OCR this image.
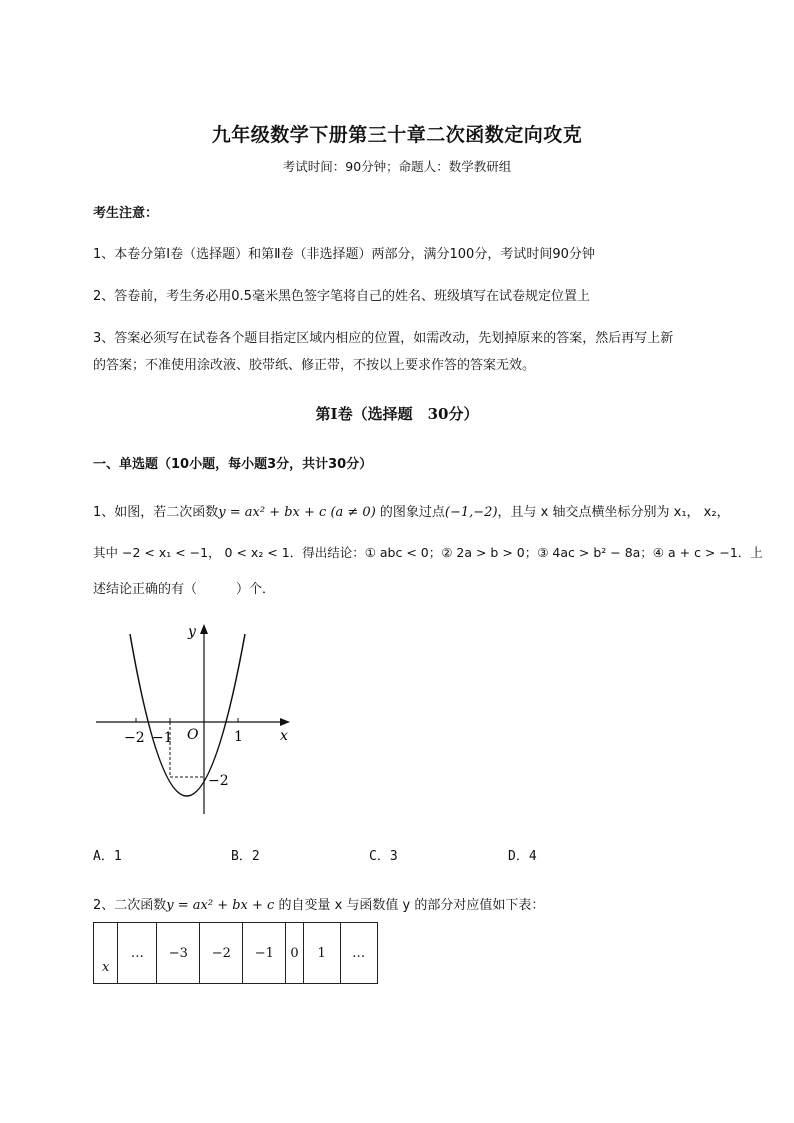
九年级数学下册第三十章二次函数定向攻克
考试时间：90分钟；命题人：数学教研组
考生注意：
1、本卷分第I卷（选择题）和第Ⅱ卷（非选择题）两部分，满分100分，考试时间90分钟
2、答卷前，考生务必用0.5毫米黑色签字笔将自己的姓名、班级填写在试卷规定位置上
3、答案必须写在试卷各个题目指定区域内相应的位置，如需改动，先划掉原来的答案，然后再写上新
的答案；不准使用涂改液、胶带纸、修正带，不按以上要求作答的答案无效。
第I卷（选择题　30分）
一、单选题（10小题，每小题3分，共计30分）
1、如图，若二次函数y = ax² + bx + c (a ≠ 0) 的图象过点(−1,−2)，且与 x 轴交点横坐标分别为 x₁， x₂，
其中 −2 < x₁ < −1， 0 < x₂ < 1．得出结论：① abc < 0；② 2a > b > 0；③ 4ac > b² − 8a；④ a + c > −1．上
述结论正确的有（　　　）个．
y
x
O
−2 −1	1
−2
A．1	B．2	C．3	D．4
2、二次函数y = ax² + bx + c 的自变量 x 与函数值 y 的部分对应值如下表：
x	…	−3	−2	−1	0	1	…
